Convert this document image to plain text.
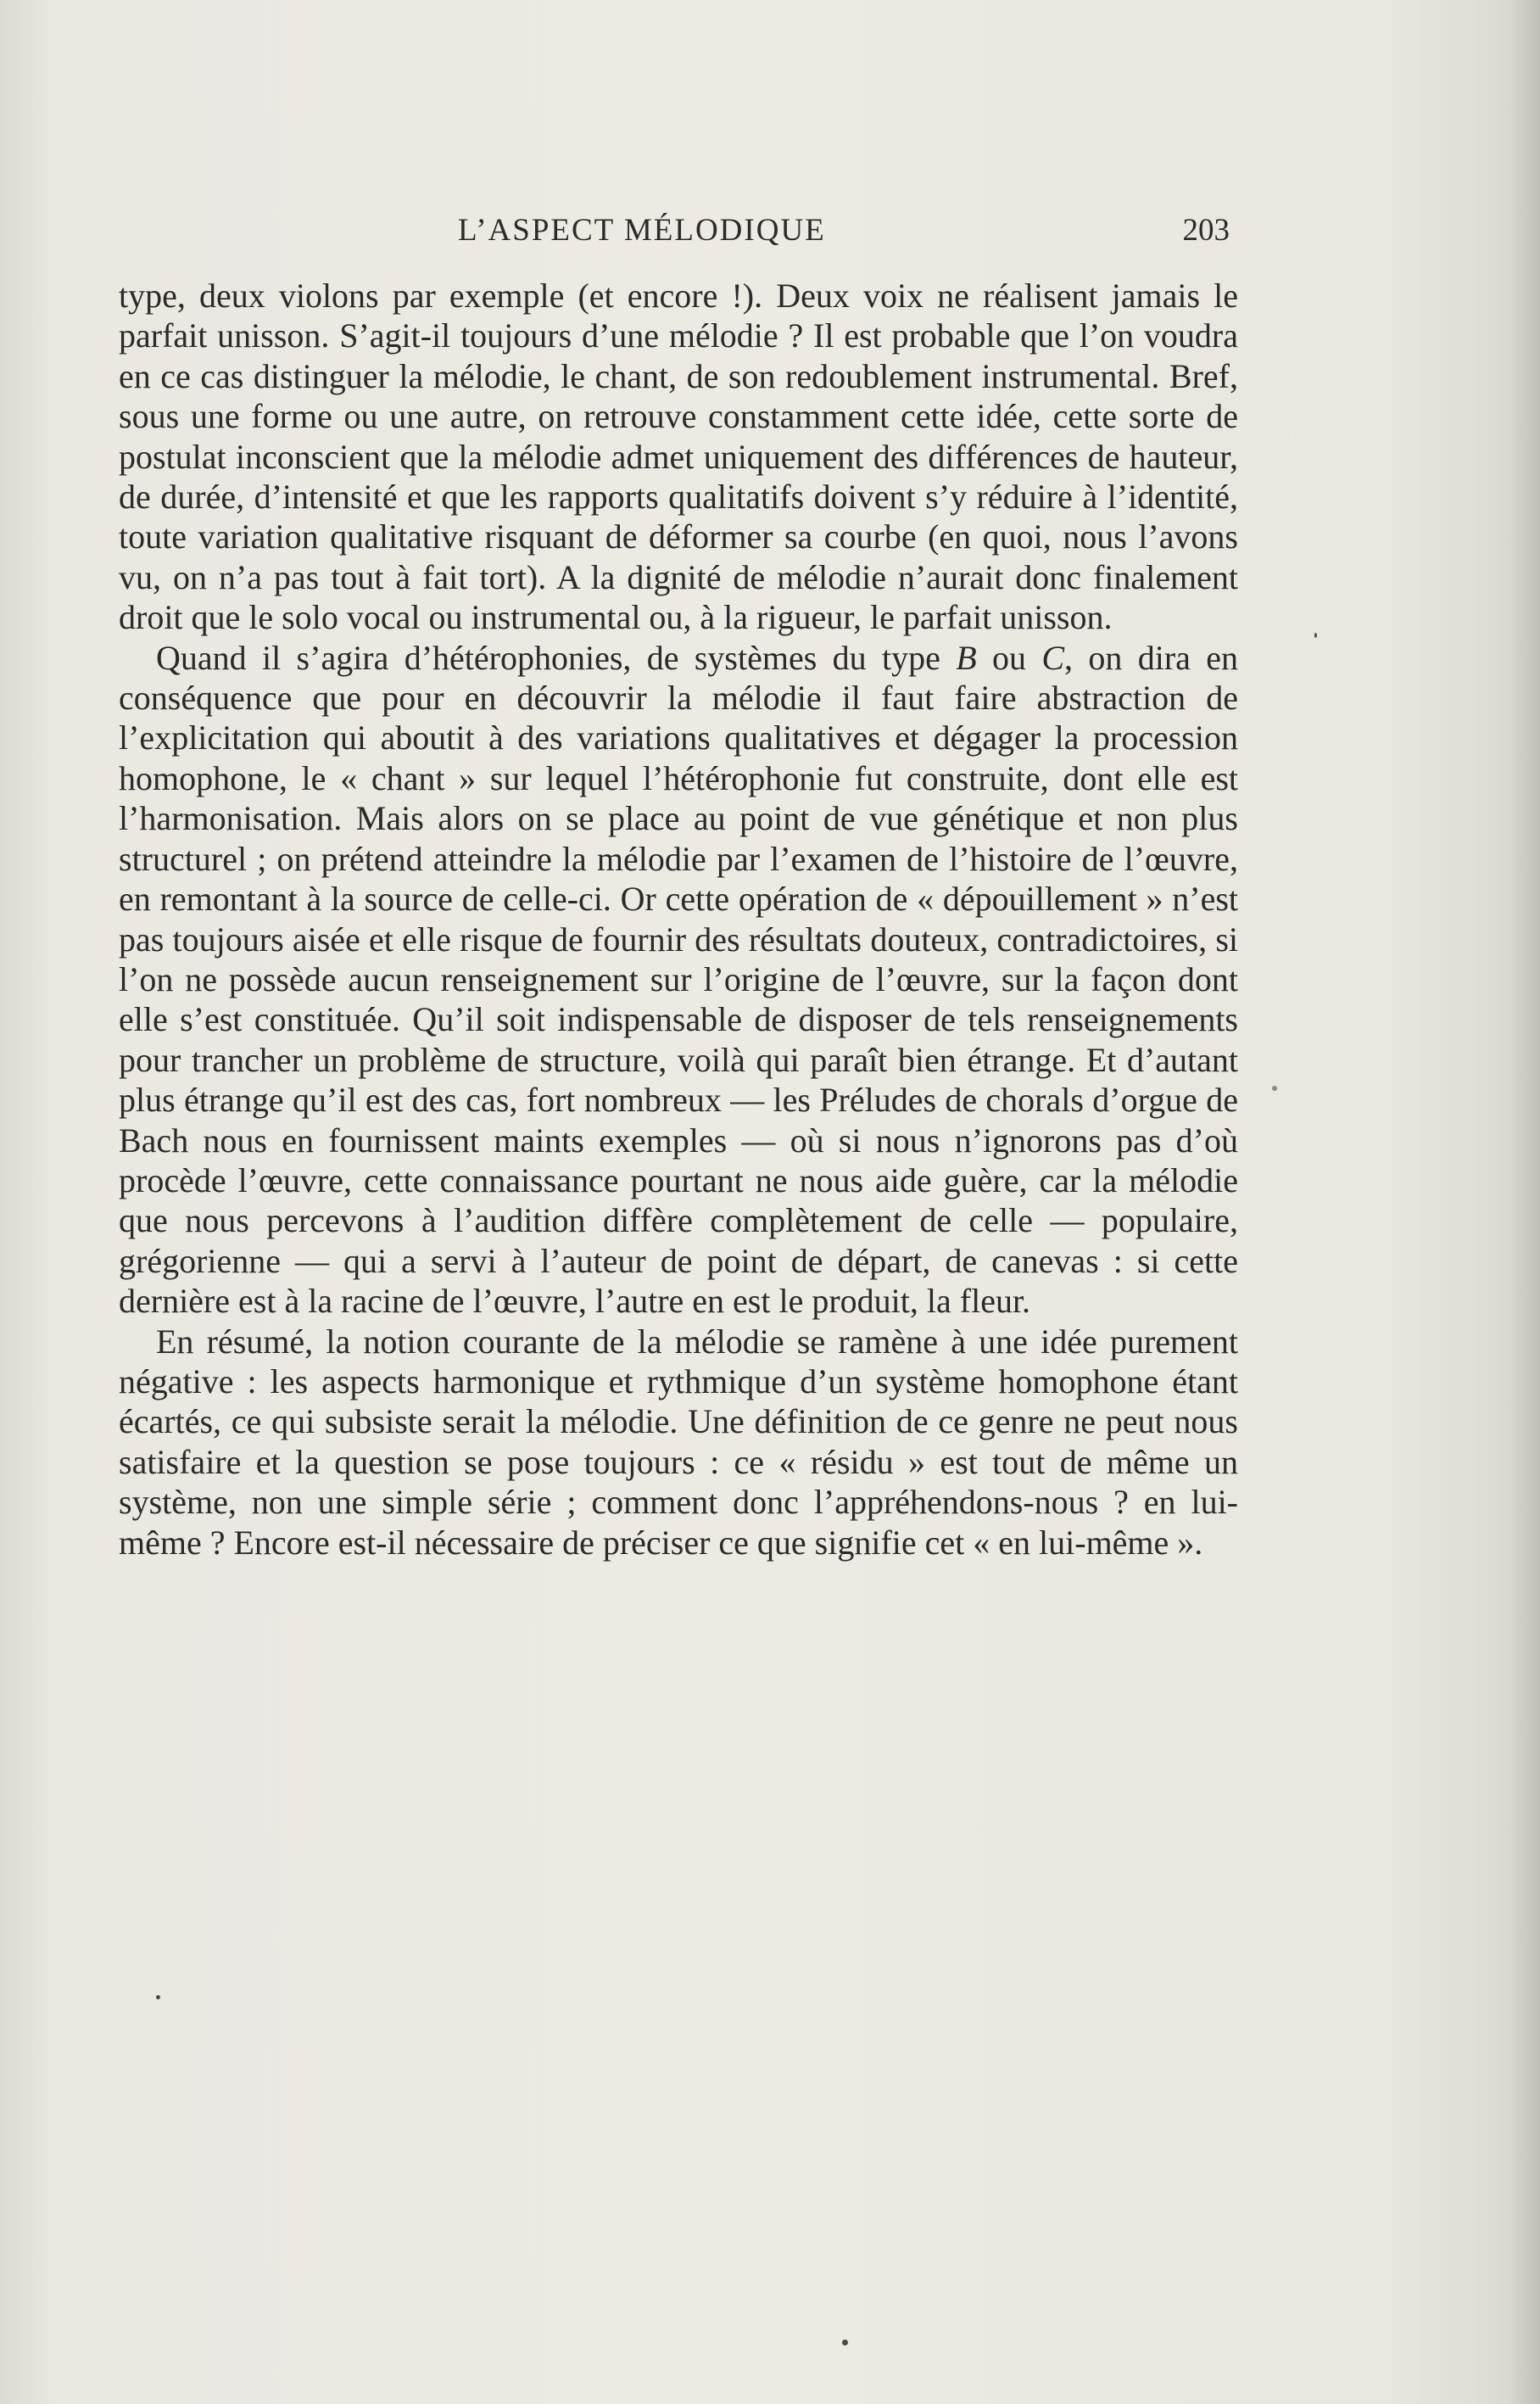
L’ASPECT MÉLODIQUE	203

type, deux violons par exemple (et encore !). Deux voix ne réalisent jamais le parfait unisson. S’agit-il toujours d’une mélodie ? Il est probable que l’on voudra en ce cas distinguer la mélodie, le chant, de son redoublement instrumental. Bref, sous une forme ou une autre, on retrouve constamment cette idée, cette sorte de postulat inconscient que la mélodie admet uniquement des différences de hauteur, de durée, d’intensité et que les rapports qualitatifs doivent s’y réduire à l’identité, toute variation qualitative risquant de déformer sa courbe (en quoi, nous l’avons vu, on n’a pas tout à fait tort). A la dignité de mélodie n’aurait donc finalement droit que le solo vocal ou instrumental ou, à la rigueur, le parfait unisson.

Quand il s’agira d’hétérophonies, de systèmes du type B ou C, on dira en conséquence que pour en découvrir la mélodie il faut faire abstraction de l’explicitation qui aboutit à des variations qualitatives et dégager la procession homophone, le « chant » sur lequel l’hétérophonie fut construite, dont elle est l’harmonisation. Mais alors on se place au point de vue génétique et non plus structurel ; on prétend atteindre la mélodie par l’examen de l’histoire de l’œuvre, en remontant à la source de celle-ci. Or cette opération de « dépouillement » n’est pas toujours aisée et elle risque de fournir des résultats douteux, contradictoires, si l’on ne possède aucun renseignement sur l’origine de l’œuvre, sur la façon dont elle s’est constituée. Qu’il soit indispensable de disposer de tels renseignements pour trancher un problème de structure, voilà qui paraît bien étrange. Et d’autant plus étrange qu’il est des cas, fort nombreux — les Préludes de chorals d’orgue de Bach nous en fournissent maints exemples — où si nous n’ignorons pas d’où procède l’œuvre, cette connaissance pourtant ne nous aide guère, car la mélodie que nous percevons à l’audition diffère complètement de celle — populaire, grégorienne — qui a servi à l’auteur de point de départ, de canevas : si cette dernière est à la racine de l’œuvre, l’autre en est le produit, la fleur.

En résumé, la notion courante de la mélodie se ramène à une idée purement négative : les aspects harmonique et rythmique d’un système homophone étant écartés, ce qui subsiste serait la mélodie. Une définition de ce genre ne peut nous satisfaire et la question se pose toujours : ce « résidu » est tout de même un système, non une simple série ; comment donc l’appréhendons-nous ? en lui-même ? Encore est-il nécessaire de préciser ce que signifie cet « en lui-même ».
